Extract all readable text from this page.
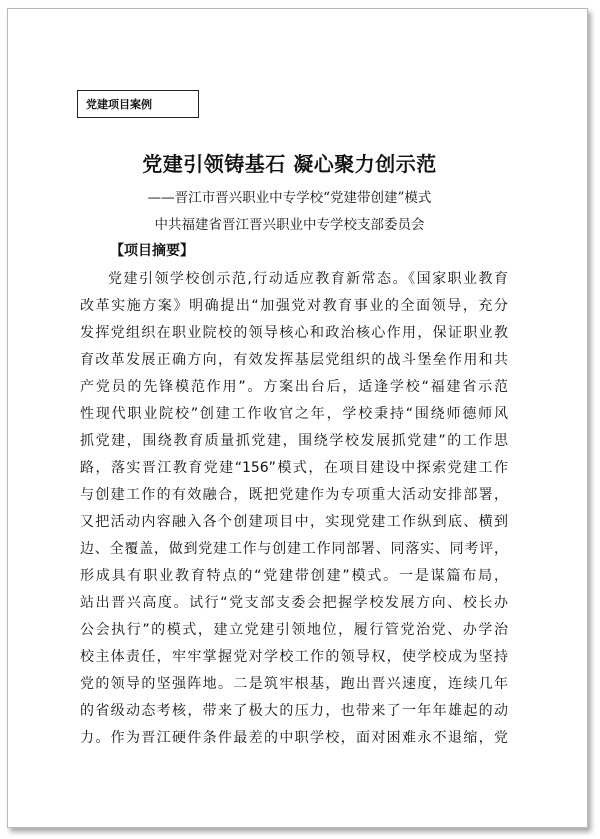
党建项目案例
党建引领铸基石 凝心聚力创示范
——晋江市晋兴职业中专学校“党建带创建”模式
中共福建省晋江晋兴职业中专学校支部委员会
【项目摘要】
党建引领学校创示范,行动适应教育新常态。《国家职业教育
改革实施方案》明确提出“加强党对教育事业的全面领导，充分
发挥党组织在职业院校的领导核心和政治核心作用，保证职业教
育改革发展正确方向，有效发挥基层党组织的战斗堡垒作用和共
产党员的先锋模范作用”。方案出台后，适逢学校“福建省示范
性现代职业院校”创建工作收官之年，学校秉持“围绕师德师风
抓党建，围绕教育质量抓党建，围绕学校发展抓党建”的工作思
路，落实晋江教育党建“156”模式，在项目建设中探索党建工作
与创建工作的有效融合，既把党建作为专项重大活动安排部署，
又把活动内容融入各个创建项目中，实现党建工作纵到底、横到
边、全覆盖，做到党建工作与创建工作同部署、同落实、同考评，
形成具有职业教育特点的“党建带创建”模式。一是谋篇布局，
站出晋兴高度。试行“党支部支委会把握学校发展方向、校长办
公会执行”的模式，建立党建引领地位，履行管党治党、办学治
校主体责任，牢牢掌握党对学校工作的领导权，使学校成为坚持
党的领导的坚强阵地。二是筑牢根基，跑出晋兴速度，连续几年
的省级动态考核，带来了极大的压力，也带来了一年年雄起的动
力。作为晋江硬件条件最差的中职学校，面对困难永不退缩，党
